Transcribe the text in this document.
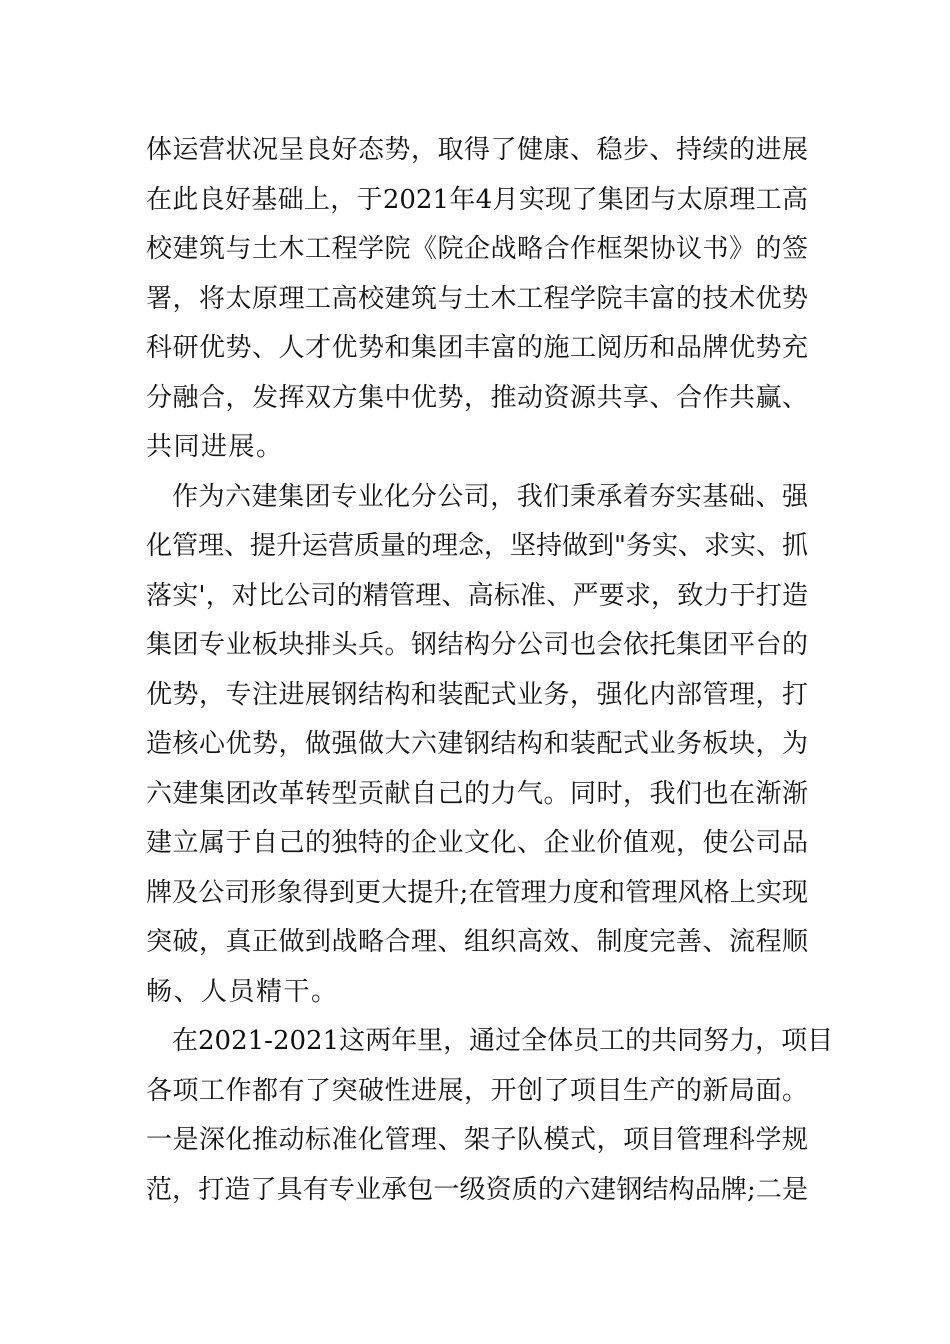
体运营状况呈良好态势，取得了健康、稳步、持续的进展
在此良好基础上，于2021年4月实现了集团与太原理工高
校建筑与土木工程学院《院企战略合作框架协议书》的签
署，将太原理工高校建筑与土木工程学院丰富的技术优势
科研优势、人才优势和集团丰富的施工阅历和品牌优势充
分融合，发挥双方集中优势，推动资源共享、合作共赢、
共同进展。
作为六建集团专业化分公司，我们秉承着夯实基础、强
化管理、提升运营质量的理念，坚持做到"务实、求实、抓
落实'，对比公司的精管理、高标准、严要求，致力于打造
集团专业板块排头兵。钢结构分公司也会依托集团平台的
优势，专注进展钢结构和装配式业务，强化内部管理，打
造核心优势，做强做大六建钢结构和装配式业务板块，为
六建集团改革转型贡献自己的力气。同时，我们也在渐渐
建立属于自己的独特的企业文化、企业价值观，使公司品
牌及公司形象得到更大提升;在管理力度和管理风格上实现
突破，真正做到战略合理、组织高效、制度完善、流程顺
畅、人员精干。
在2021-2021这两年里，通过全体员工的共同努力，项目
各项工作都有了突破性进展，开创了项目生产的新局面。
一是深化推动标准化管理、架子队模式，项目管理科学规
范，打造了具有专业承包一级资质的六建钢结构品牌;二是
